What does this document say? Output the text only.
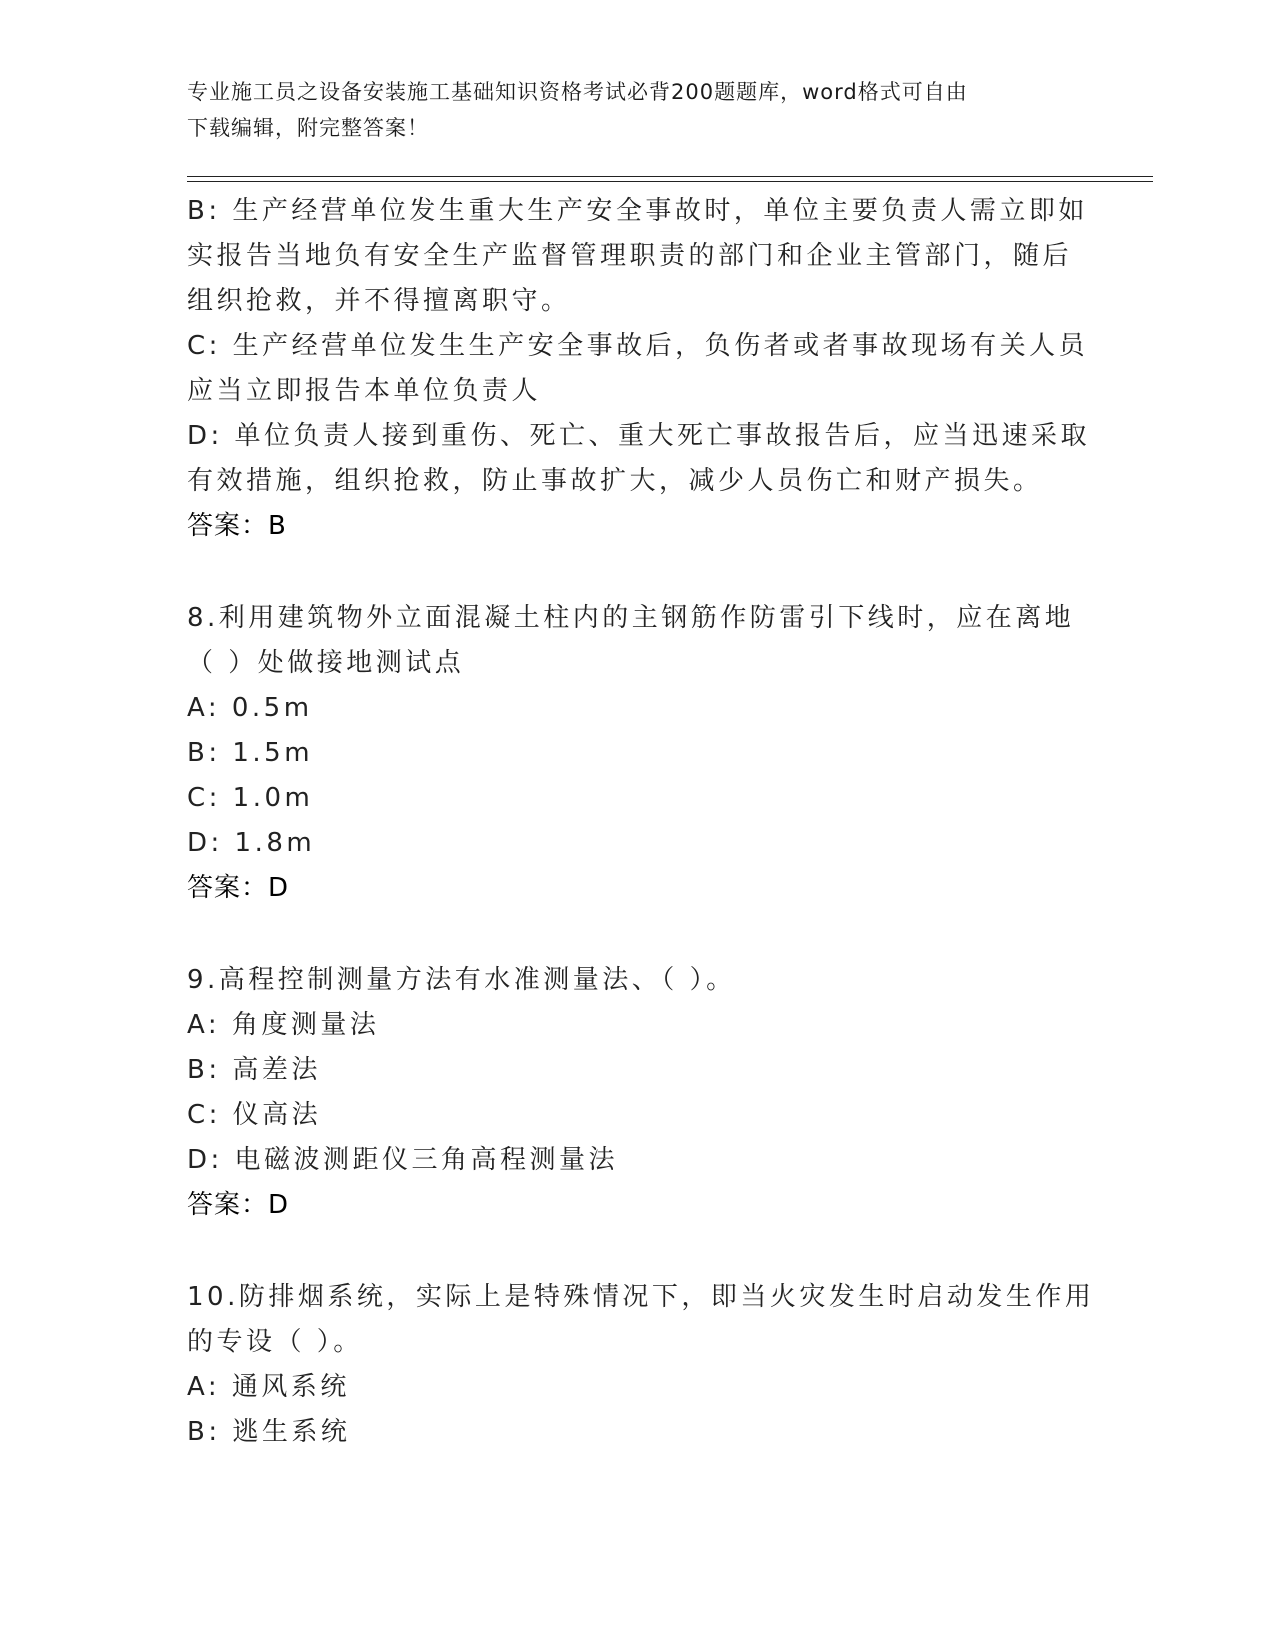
专业施工员之设备安装施工基础知识资格考试必背200题题库，word格式可自由
下载编辑，附完整答案！
B: 生产经营单位发生重大生产安全事故时，单位主要负责人需立即如
实报告当地负有安全生产监督管理职责的部门和企业主管部门，随后
组织抢救，并不得擅离职守。
C: 生产经营单位发生生产安全事故后，负伤者或者事故现场有关人员
应当立即报告本单位负责人
D: 单位负责人接到重伤、死亡、重大死亡事故报告后，应当迅速采取
有效措施，组织抢救，防止事故扩大，减少人员伤亡和财产损失。
答案：B
8.利用建筑物外立面混凝土柱内的主钢筋作防雷引下线时，应在离地
（ ）处做接地测试点
A: 0.5m
B: 1.5m
C: 1.0m
D: 1.8m
答案：D
9.高程控制测量方法有水准测量法、（ ）。
A: 角度测量法
B: 高差法
C: 仪高法
D: 电磁波测距仪三角高程测量法
答案：D
10.防排烟系统，实际上是特殊情况下，即当火灾发生时启动发生作用
的专设（ ）。
A: 通风系统
B: 逃生系统
